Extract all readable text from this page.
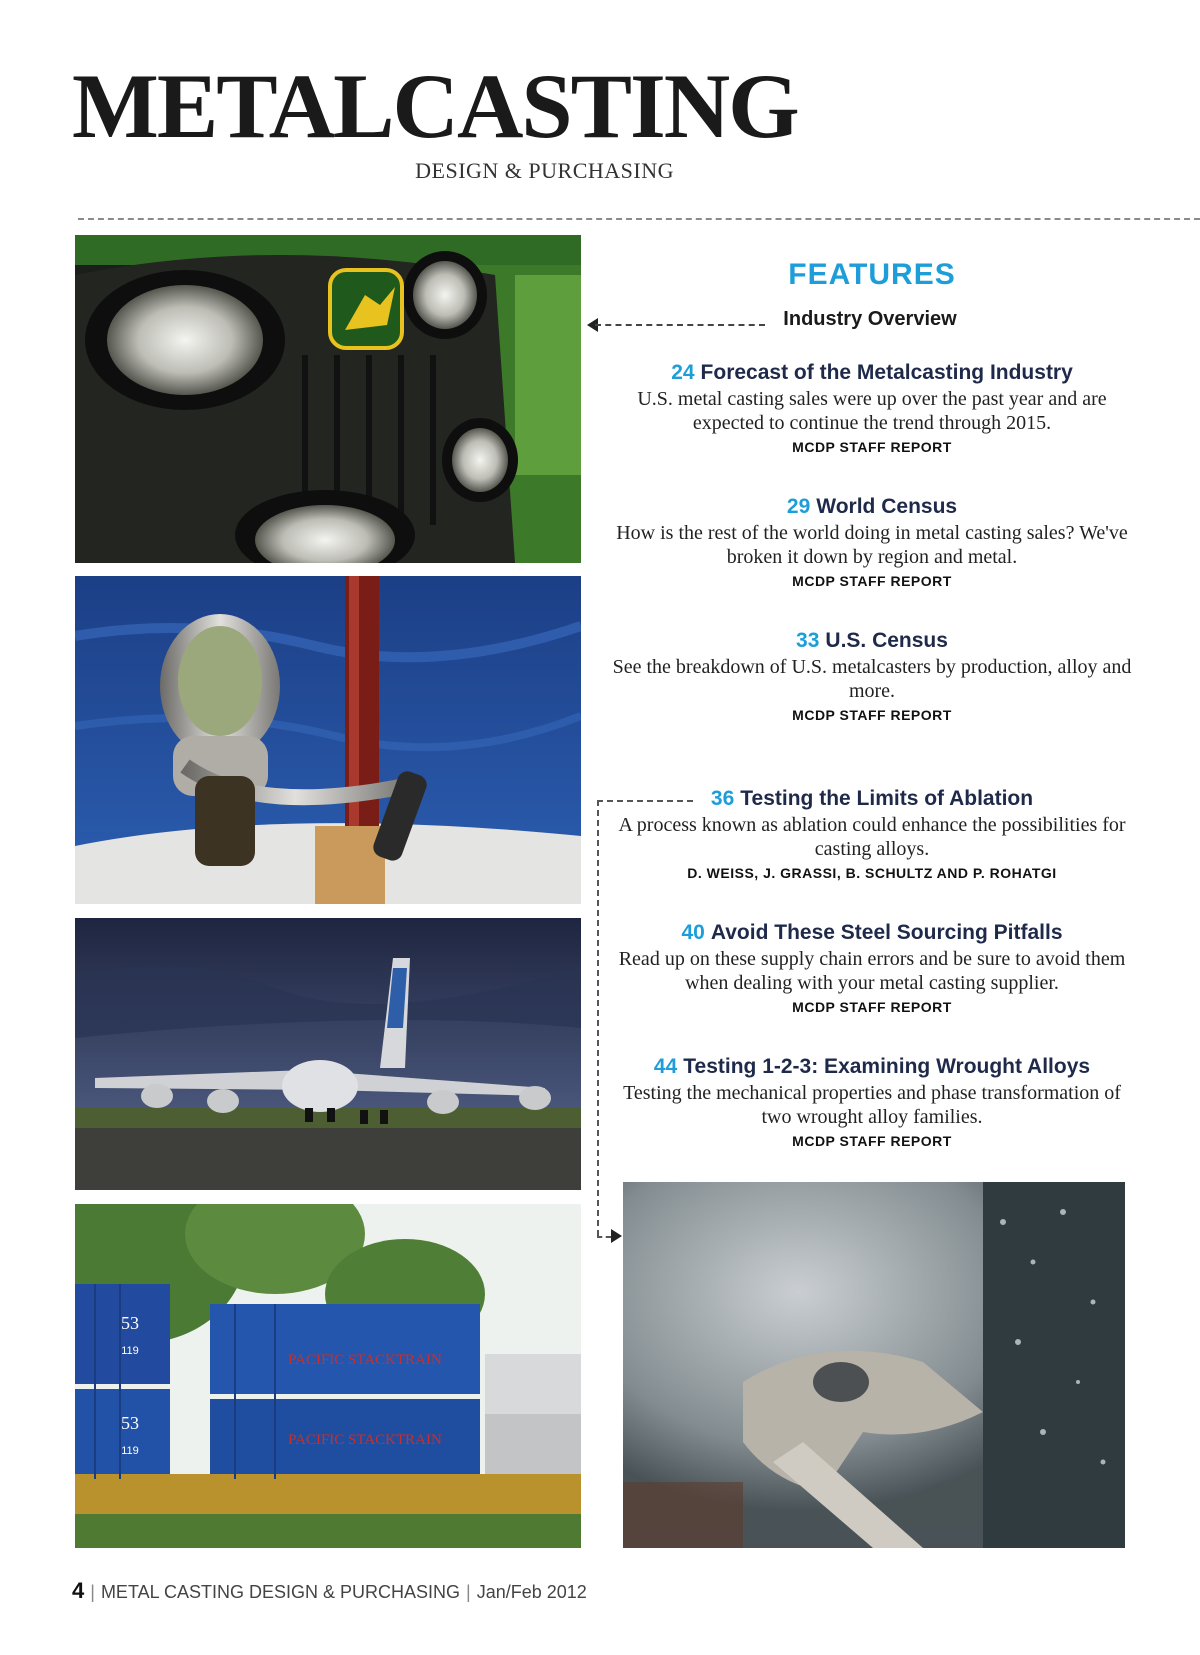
METALCASTING
DESIGN & PURCHASING
PACIFIC STACKTRAIN
PACIFIC STACKTRAIN
53
119
53
119
FEATURES
Industry Overview

24 Forecast of the Metalcasting Industry

U.S. metal casting sales were up over the past year and are expected to continue the trend through 2015.

MCDP STAFF REPORT

29 World Census

How is the rest of the world doing in metal casting sales? We've broken it down by region and metal.

MCDP STAFF REPORT

33 U.S. Census

See the breakdown of U.S. metalcasters by production, alloy and more.

MCDP STAFF REPORT

36 Testing the Limits of Ablation

A process known as ablation could enhance the possibilities for casting alloys.

D. WEISS, J. GRASSI, B. SCHULTZ AND P. ROHATGI

40 Avoid These Steel Sourcing Pitfalls

Read up on these supply chain errors and be sure to avoid them when dealing with your metal casting supplier.

MCDP STAFF REPORT

44 Testing 1-2-3: Examining Wrought Alloys

Testing the mechanical properties and phase transformation of two wrought alloy families.

MCDP STAFF REPORT

4 | METAL CASTING DESIGN & PURCHASING | Jan/Feb 2012
